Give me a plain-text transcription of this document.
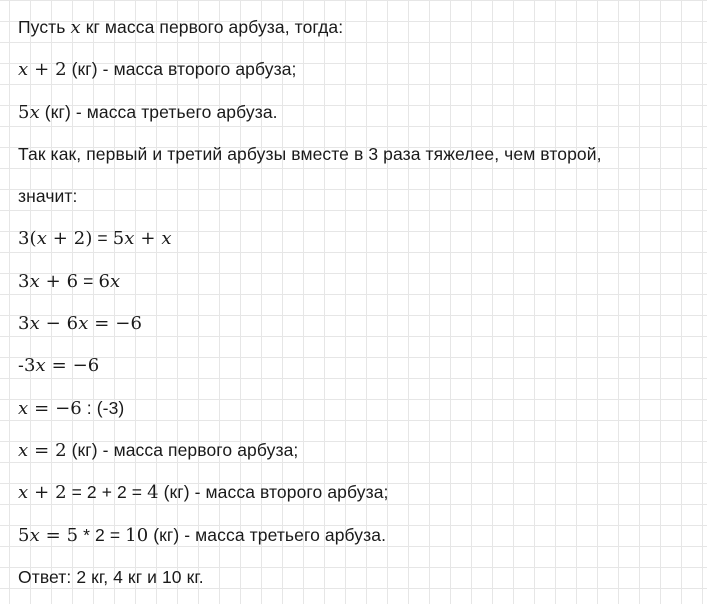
Пусть x кг масса первого арбуза, тогда:
x + 2 (кг) - масса второго арбуза;
5x (кг) - масса третьего арбуза.
Так как, первый и третий арбузы вместе в 3 раза тяжелее, чем второй,
значит:
3(x + 2) = 5x + x
3x + 6 = 6x
3x − 6x = −6
-3x = −6
x = −6 : (-3)
x = 2 (кг) - масса первого арбуза;
x + 2 = 2 + 2 = 4 (кг) - масса второго арбуза;
5x = 5 * 2 = 10 (кг) - масса третьего арбуза.
Ответ: 2 кг, 4 кг и 10 кг.
